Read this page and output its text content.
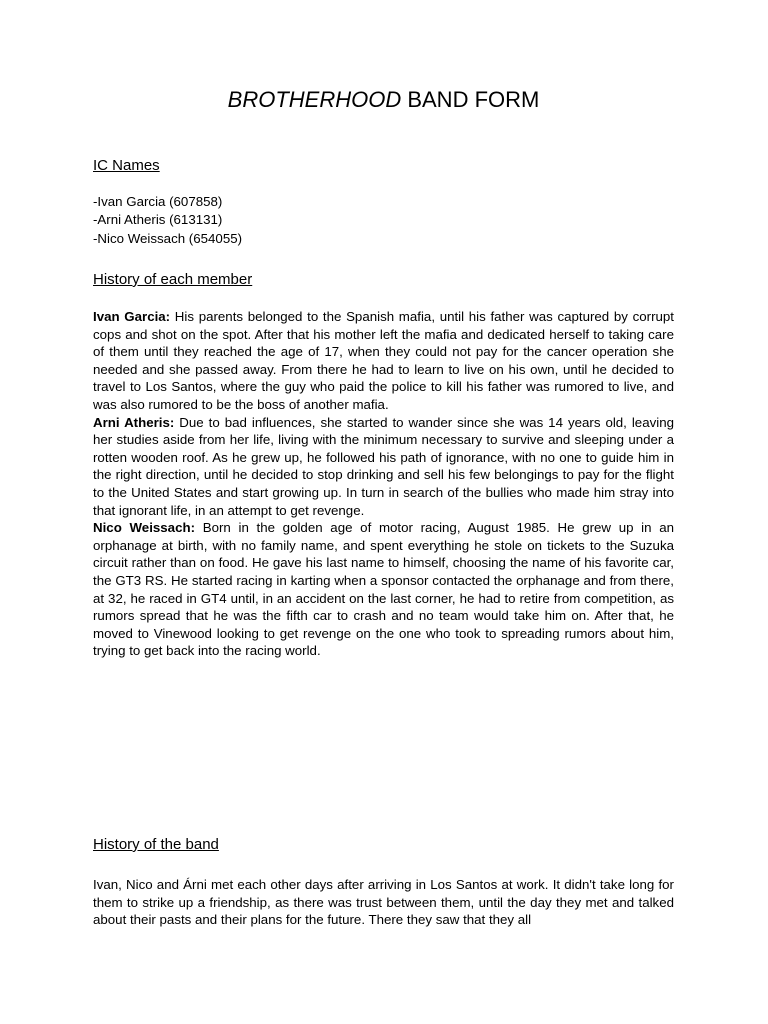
BROTHERHOOD BAND FORM
IC Names
-Ivan Garcia (607858)
-Arni Atheris (613131)
-Nico Weissach (654055)
History of each member

Ivan Garcia: His parents belonged to the Spanish mafia, until his father was captured by corrupt cops and shot on the spot. After that his mother left the mafia and dedicated herself to taking care of them until they reached the age of 17, when they could not pay for the cancer operation she needed and she passed away. From there he had to learn to live on his own, until he decided to travel to Los Santos, where the guy who paid the police to kill his father was rumored to live, and was also rumored to be the boss of another mafia.

Arni Atheris: Due to bad influences, she started to wander since she was 14 years old, leaving her studies aside from her life, living with the minimum necessary to survive and sleeping under a rotten wooden roof. As he grew up, he followed his path of ignorance, with no one to guide him in the right direction, until he decided to stop drinking and sell his few belongings to pay for the flight to the United States and start growing up. In turn in search of the bullies who made him stray into that ignorant life, in an attempt to get revenge.

Nico Weissach: Born in the golden age of motor racing, August 1985. He grew up in an orphanage at birth, with no family name, and spent everything he stole on tickets to the Suzuka circuit rather than on food. He gave his last name to himself, choosing the name of his favorite car, the GT3 RS. He started racing in karting when a sponsor contacted the orphanage and from there, at 32, he raced in GT4 until, in an accident on the last corner, he had to retire from competition, as rumors spread that he was the fifth car to crash and no team would take him on. After that, he moved to Vinewood looking to get revenge on the one who took to spreading rumors about him, trying to get back into the racing world.

History of the band

Ivan, Nico and Árni met each other days after arriving in Los Santos at work. It didn't take long for them to strike up a friendship, as there was trust between them, until the day they met and talked about their pasts and their plans for the future. There they saw that they all
